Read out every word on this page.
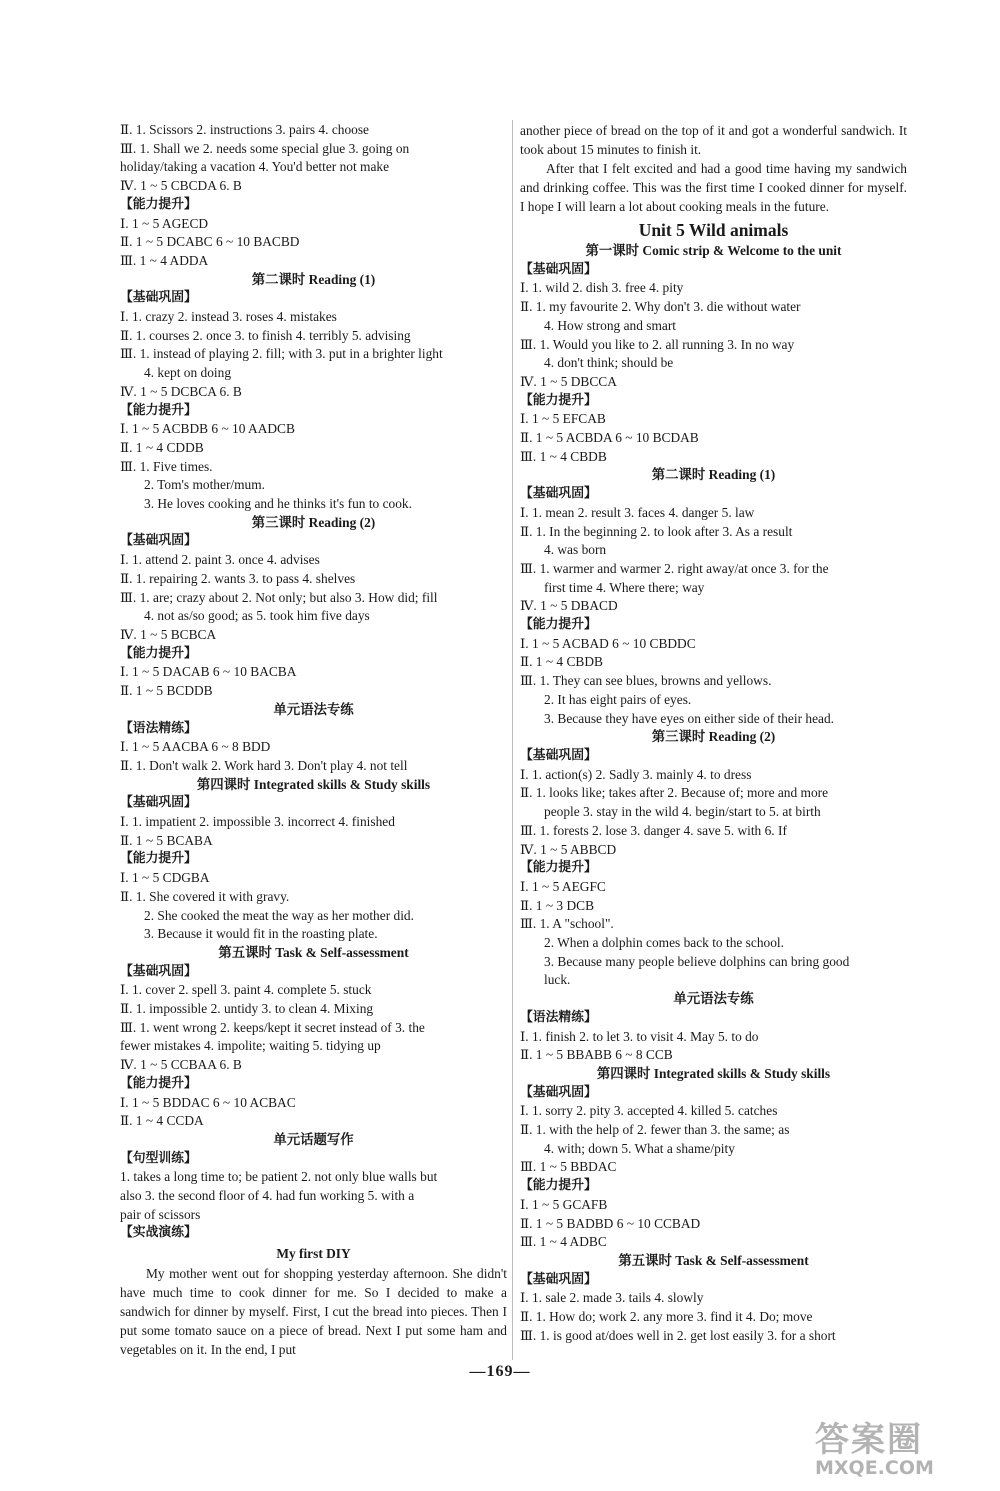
Ⅱ. 1. Scissors 2. instructions 3. pairs 4. choose
Ⅲ. 1. Shall we 2. needs some special glue 3. going on
holiday/taking a vacation 4. You'd better not make
Ⅳ. 1 ~ 5 CBCDA 6. B
【能力提升】
Ⅰ. 1 ~ 5 AGECD
Ⅱ. 1 ~ 5 DCABC 6 ~ 10 BACBD
Ⅲ. 1 ~ 4 ADDA
第二课时 Reading (1)
【基础巩固】
Ⅰ. 1. crazy 2. instead 3. roses 4. mistakes
Ⅱ. 1. courses 2. once 3. to finish 4. terribly 5. advising
Ⅲ. 1. instead of playing 2. fill; with 3. put in a brighter light
4. kept on doing
Ⅳ. 1 ~ 5 DCBCA 6. B
【能力提升】
Ⅰ. 1 ~ 5 ACBDB 6 ~ 10 AADCB
Ⅱ. 1 ~ 4 CDDB
Ⅲ. 1. Five times.
2. Tom's mother/mum.
3. He loves cooking and he thinks it's fun to cook.
第三课时 Reading (2)
【基础巩固】
Ⅰ. 1. attend 2. paint 3. once 4. advises
Ⅱ. 1. repairing 2. wants 3. to pass 4. shelves
Ⅲ. 1. are; crazy about 2. Not only; but also 3. How did; fill
4. not as/so good; as 5. took him five days
Ⅳ. 1 ~ 5 BCBCA
【能力提升】
Ⅰ. 1 ~ 5 DACAB 6 ~ 10 BACBA
Ⅱ. 1 ~ 5 BCDDB
单元语法专练
【语法精练】
Ⅰ. 1 ~ 5 AACBA 6 ~ 8 BDD
Ⅱ. 1. Don't walk 2. Work hard 3. Don't play 4. not tell
第四课时 Integrated skills & Study skills
【基础巩固】
Ⅰ. 1. impatient 2. impossible 3. incorrect 4. finished
Ⅱ. 1 ~ 5 BCABA
【能力提升】
Ⅰ. 1 ~ 5 CDGBA
Ⅱ. 1. She covered it with gravy.
2. She cooked the meat the way as her mother did.
3. Because it would fit in the roasting plate.
第五课时 Task & Self-assessment
【基础巩固】
Ⅰ. 1. cover 2. spell 3. paint 4. complete 5. stuck
Ⅱ. 1. impossible 2. untidy 3. to clean 4. Mixing
Ⅲ. 1. went wrong 2. keeps/kept it secret instead of 3. the
fewer mistakes 4. impolite; waiting 5. tidying up
Ⅳ. 1 ~ 5 CCBAA 6. B
【能力提升】
Ⅰ. 1 ~ 5 BDDAC 6 ~ 10 ACBAC
Ⅱ. 1 ~ 4 CCDA
单元话题写作
【句型训练】
1. takes a long time to; be patient 2. not only blue walls but
also 3. the second floor of 4. had fun working 5. with a
pair of scissors
【实战演练】
My first DIY
My mother went out for shopping yesterday afternoon. She didn't have much time to cook dinner for me. So I decided to make a sandwich for dinner by myself. First, I cut the bread into pieces. Then I put some tomato sauce on a piece of bread. Next I put some ham and vegetables on it. In the end, I put
another piece of bread on the top of it and got a wonderful sandwich. It took about 15 minutes to finish it.
After that I felt excited and had a good time having my sandwich and drinking coffee. This was the first time I cooked dinner for myself. I hope I will learn a lot about cooking meals in the future.
Unit 5 Wild animals
第一课时 Comic strip & Welcome to the unit
【基础巩固】
Ⅰ. 1. wild 2. dish 3. free 4. pity
Ⅱ. 1. my favourite 2. Why don't 3. die without water
4. How strong and smart
Ⅲ. 1. Would you like to 2. all running 3. In no way
4. don't think; should be
Ⅳ. 1 ~ 5 DBCCA
【能力提升】
Ⅰ. 1 ~ 5 EFCAB
Ⅱ. 1 ~ 5 ACBDA 6 ~ 10 BCDAB
Ⅲ. 1 ~ 4 CBDB
第二课时 Reading (1)
【基础巩固】
Ⅰ. 1. mean 2. result 3. faces 4. danger 5. law
Ⅱ. 1. In the beginning 2. to look after 3. As a result
4. was born
Ⅲ. 1. warmer and warmer 2. right away/at once 3. for the
first time 4. Where there; way
Ⅳ. 1 ~ 5 DBACD
【能力提升】
Ⅰ. 1 ~ 5 ACBAD 6 ~ 10 CBDDC
Ⅱ. 1 ~ 4 CBDB
Ⅲ. 1. They can see blues, browns and yellows.
2. It has eight pairs of eyes.
3. Because they have eyes on either side of their head.
第三课时 Reading (2)
【基础巩固】
Ⅰ. 1. action(s) 2. Sadly 3. mainly 4. to dress
Ⅱ. 1. looks like; takes after 2. Because of; more and more
people 3. stay in the wild 4. begin/start to 5. at birth
Ⅲ. 1. forests 2. lose 3. danger 4. save 5. with 6. If
Ⅳ. 1 ~ 5 ABBCD
【能力提升】
Ⅰ. 1 ~ 5 AEGFC
Ⅱ. 1 ~ 3 DCB
Ⅲ. 1. A "school".
2. When a dolphin comes back to the school.
3. Because many people believe dolphins can bring good
luck.
单元语法专练
【语法精练】
Ⅰ. 1. finish 2. to let 3. to visit 4. May 5. to do
Ⅱ. 1 ~ 5 BBABB 6 ~ 8 CCB
第四课时 Integrated skills & Study skills
【基础巩固】
Ⅰ. 1. sorry 2. pity 3. accepted 4. killed 5. catches
Ⅱ. 1. with the help of 2. fewer than 3. the same; as
4. with; down 5. What a shame/pity
Ⅲ. 1 ~ 5 BBDAC
【能力提升】
Ⅰ. 1 ~ 5 GCAFB
Ⅱ. 1 ~ 5 BADBD 6 ~ 10 CCBAD
Ⅲ. 1 ~ 4 ADBC
第五课时 Task & Self-assessment
【基础巩固】
Ⅰ. 1. sale 2. made 3. tails 4. slowly
Ⅱ. 1. How do; work 2. any more 3. find it 4. Do; move
Ⅲ. 1. is good at/does well in 2. get lost easily 3. for a short
—169—
答案圈
MXQE.COM
